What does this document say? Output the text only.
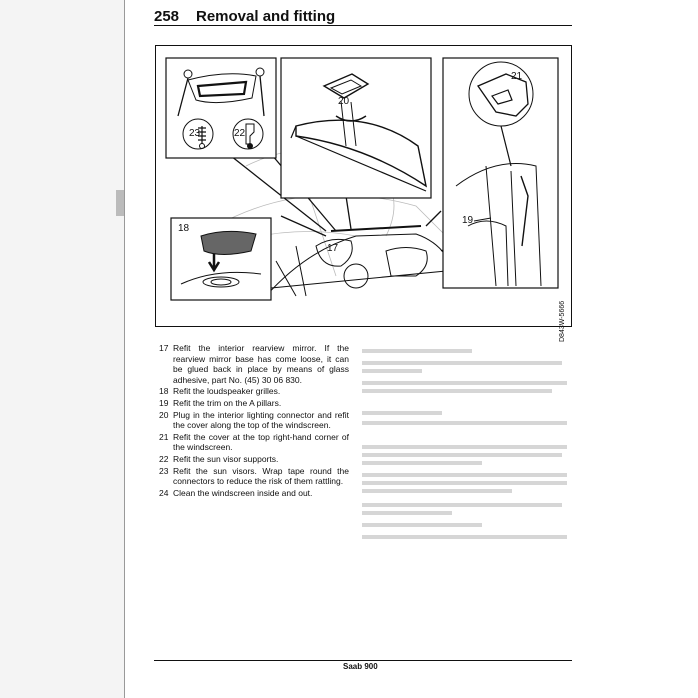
258 Removal and fitting
23	22
20
21
19
18
17
D843W-5666
17 Refit the interior rearview mirror. If the rearview mirror base has come loose, it can be glued back in place by means of glass adhesive, part No. (45) 30 06 830.
18 Refit the loudspeaker grilles.
19 Refit the trim on the A pillars.
20 Plug in the interior lighting connector and refit the cover along the top of the windscreen.
21 Refit the cover at the top right-hand corner of the windscreen.
22 Refit the sun visor supports.
23 Refit the sun visors. Wrap tape round the connectors to reduce the risk of them rattling.
24 Clean the windscreen inside and out.
Saab 900
